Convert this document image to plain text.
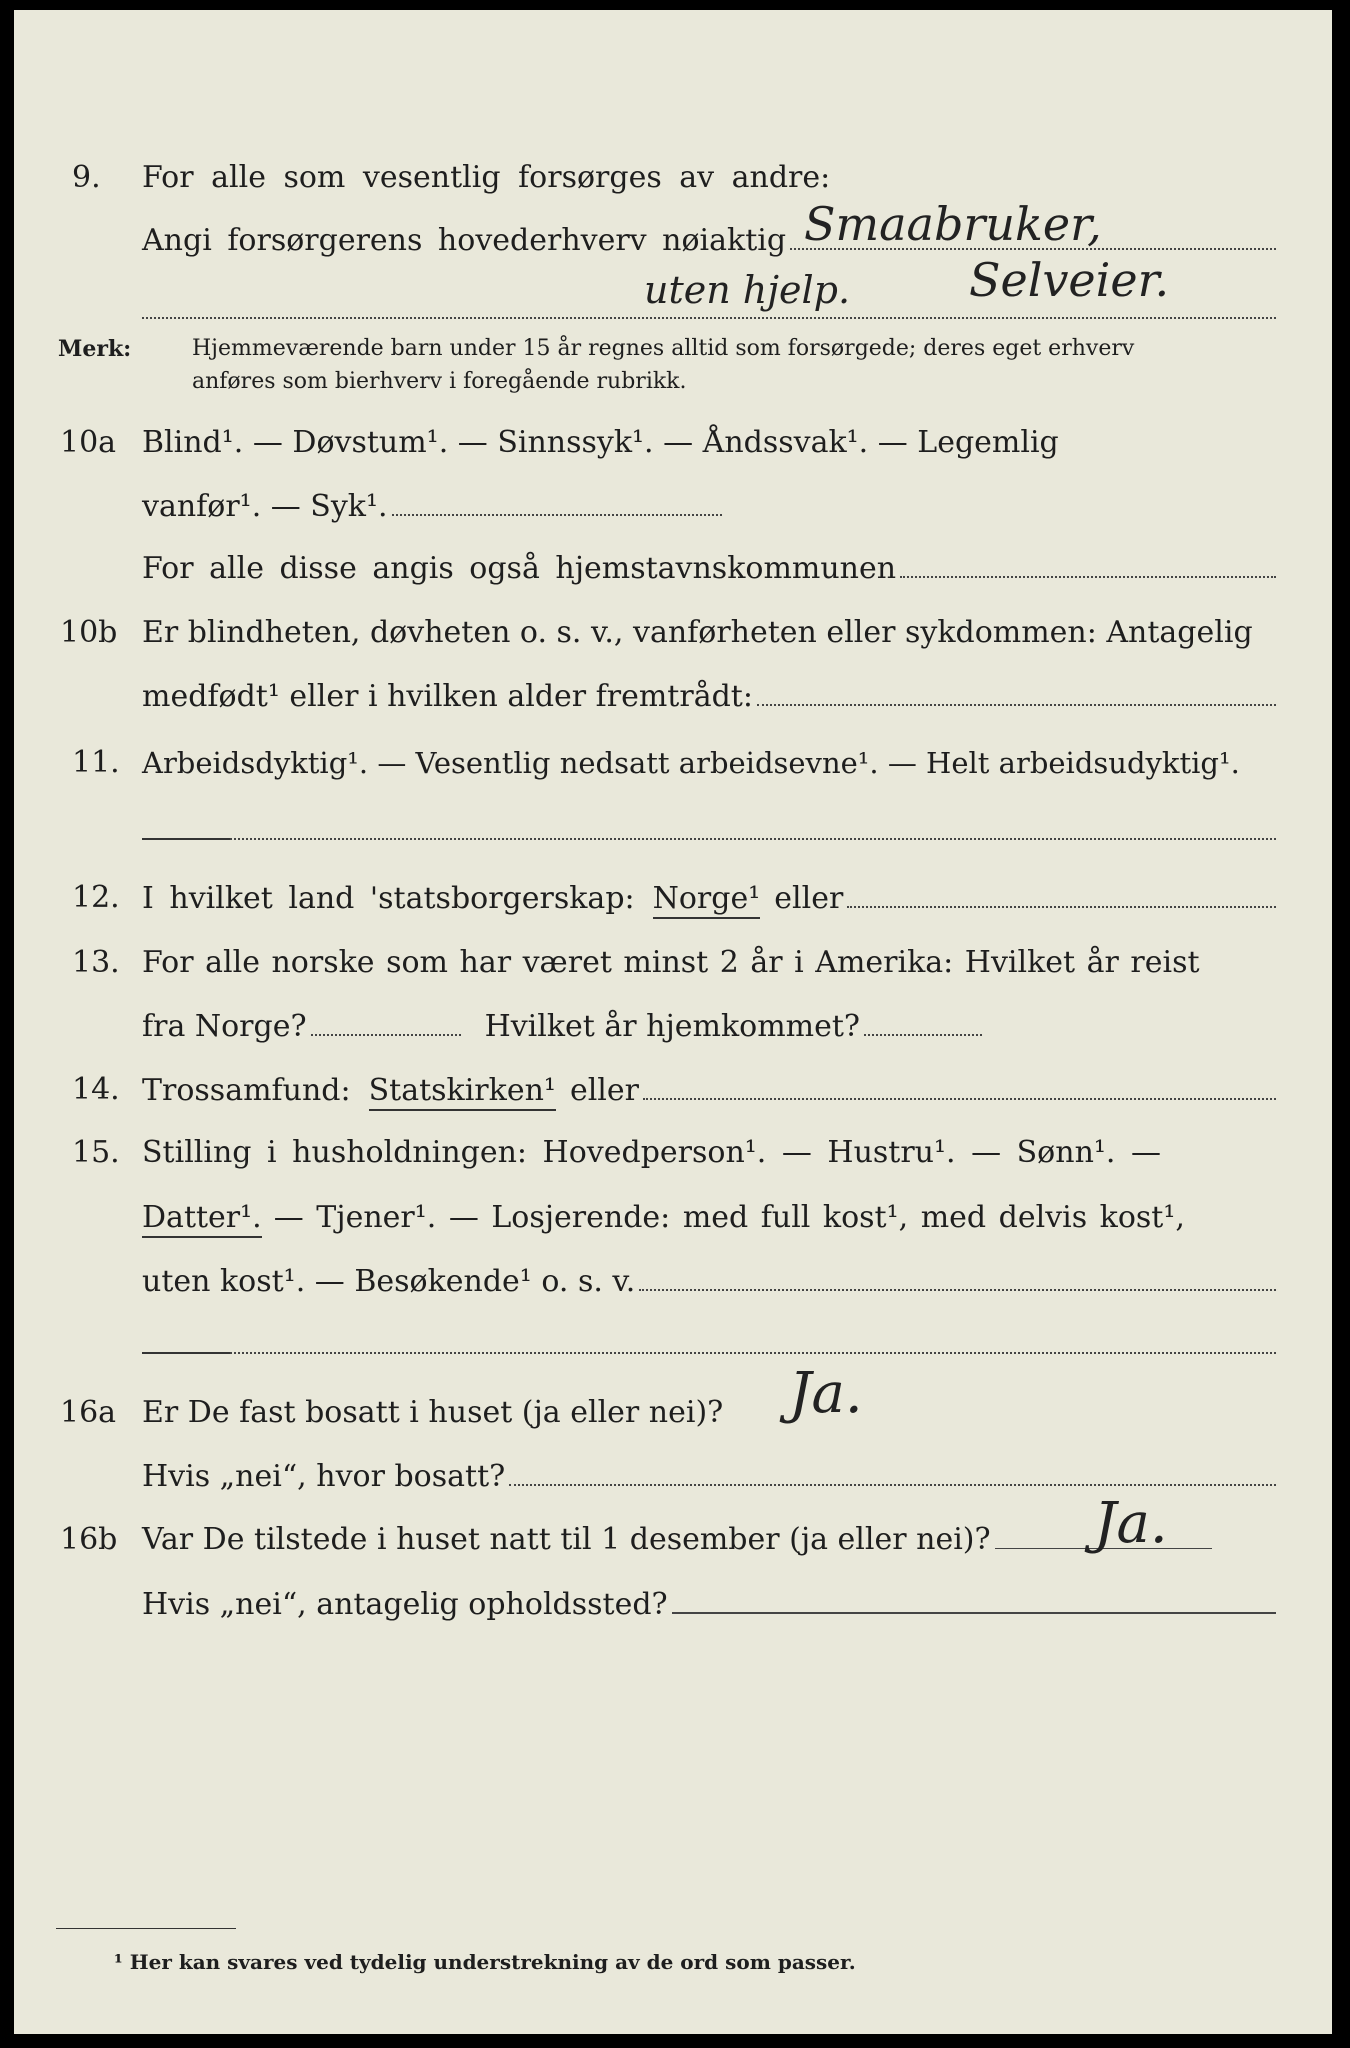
9. For alle som vesentlig forsørges av andre:
Angi forsørgerens hovederhverv nøiaktig Smaabruker,
uten hjelp.	Selveier.
Merk:	Hjemmeværende barn under 15 år regnes alltid som forsørgede; deres eget erhverv
anføres som bierhverv i foregående rubrikk.
10a Blind¹. — Døvstum¹. — Sinnssyk¹. — Åndssvak¹. — Legemlig
vanfør¹. — Syk¹.
For alle disse angis også hjemstavnskommunen
10b Er blindheten, døvheten o. s. v., vanførheten eller sykdommen: Antagelig
medfødt¹ eller i hvilken alder fremtrådt:
11. Arbeidsdyktig¹. — Vesentlig nedsatt arbeidsevne¹. — Helt arbeidsudyktig¹.
12. I hvilket land 'statsborgerskap: Norge¹ eller
13. For alle norske som har været minst 2 år i Amerika: Hvilket år reist
fra Norge?	Hvilket år hjemkommet?
14. Trossamfund: Statskirken¹ eller
15. Stilling i husholdningen: Hovedperson¹. — Hustru¹. — Sønn¹. —
Datter¹. — Tjener¹. — Losjerende: med full kost¹, med delvis kost¹,
uten kost¹. — Besøkende¹ o. s. v.
16a Er De fast bosatt i huset (ja eller nei)? Ja.
Hvis „nei“, hvor bosatt?
16b Var De tilstede i huset natt til 1 desember (ja eller nei)? Ja.
Hvis „nei“, antagelig opholdssted?
¹ Her kan svares ved tydelig understrekning av de ord som passer.
